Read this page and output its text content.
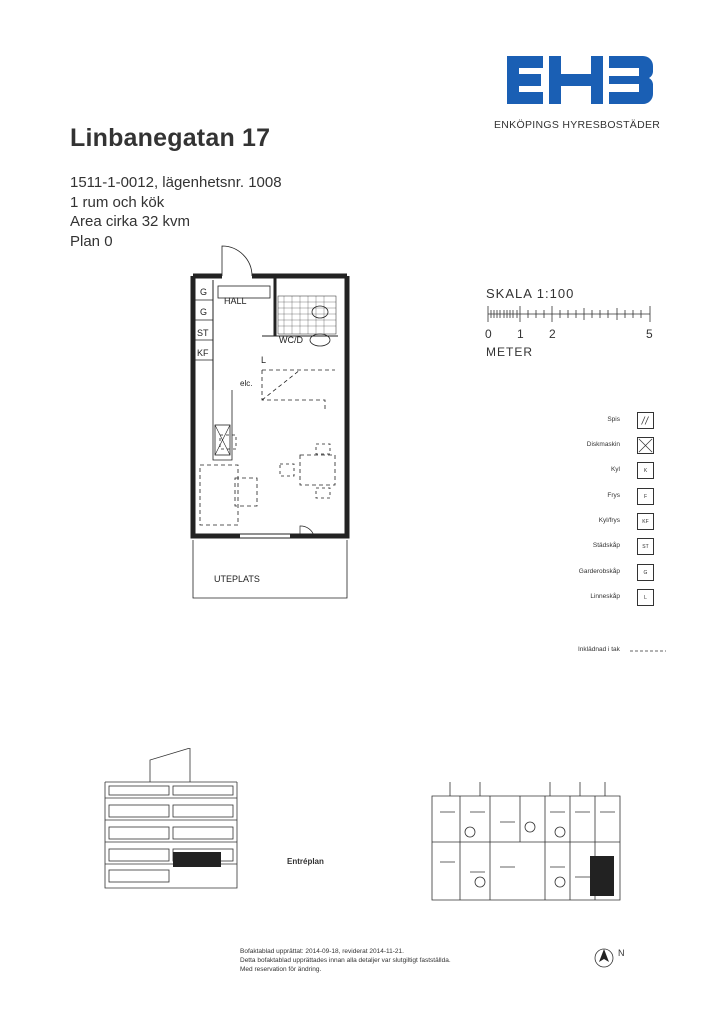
Linbanegatan 17
1511-1-0012, lägenhetsnr. 1008
1 rum och kök
Area cirka 32 kvm
Plan 0
ENKÖPINGS HYRESBOSTÄDER
G
G
ST
KF
HALL
WC/D
L
elc.
UTEPLATS
SKALA 1:100
0 1 2	5
METER
Spis
Diskmaskin
Kyl	K
Frys	F
Kyl/frys	KF
Städskåp	ST
Garderobskåp	G
Linneskåp	L
Inklädnad i tak
Entréplan
Bofaktablad upprättat: 2014-09-18, reviderat 2014-11-21.
Detta bofaktablad upprättades innan alla detaljer var slutgiltigt fastställda.
Med reservation för ändring.
N
